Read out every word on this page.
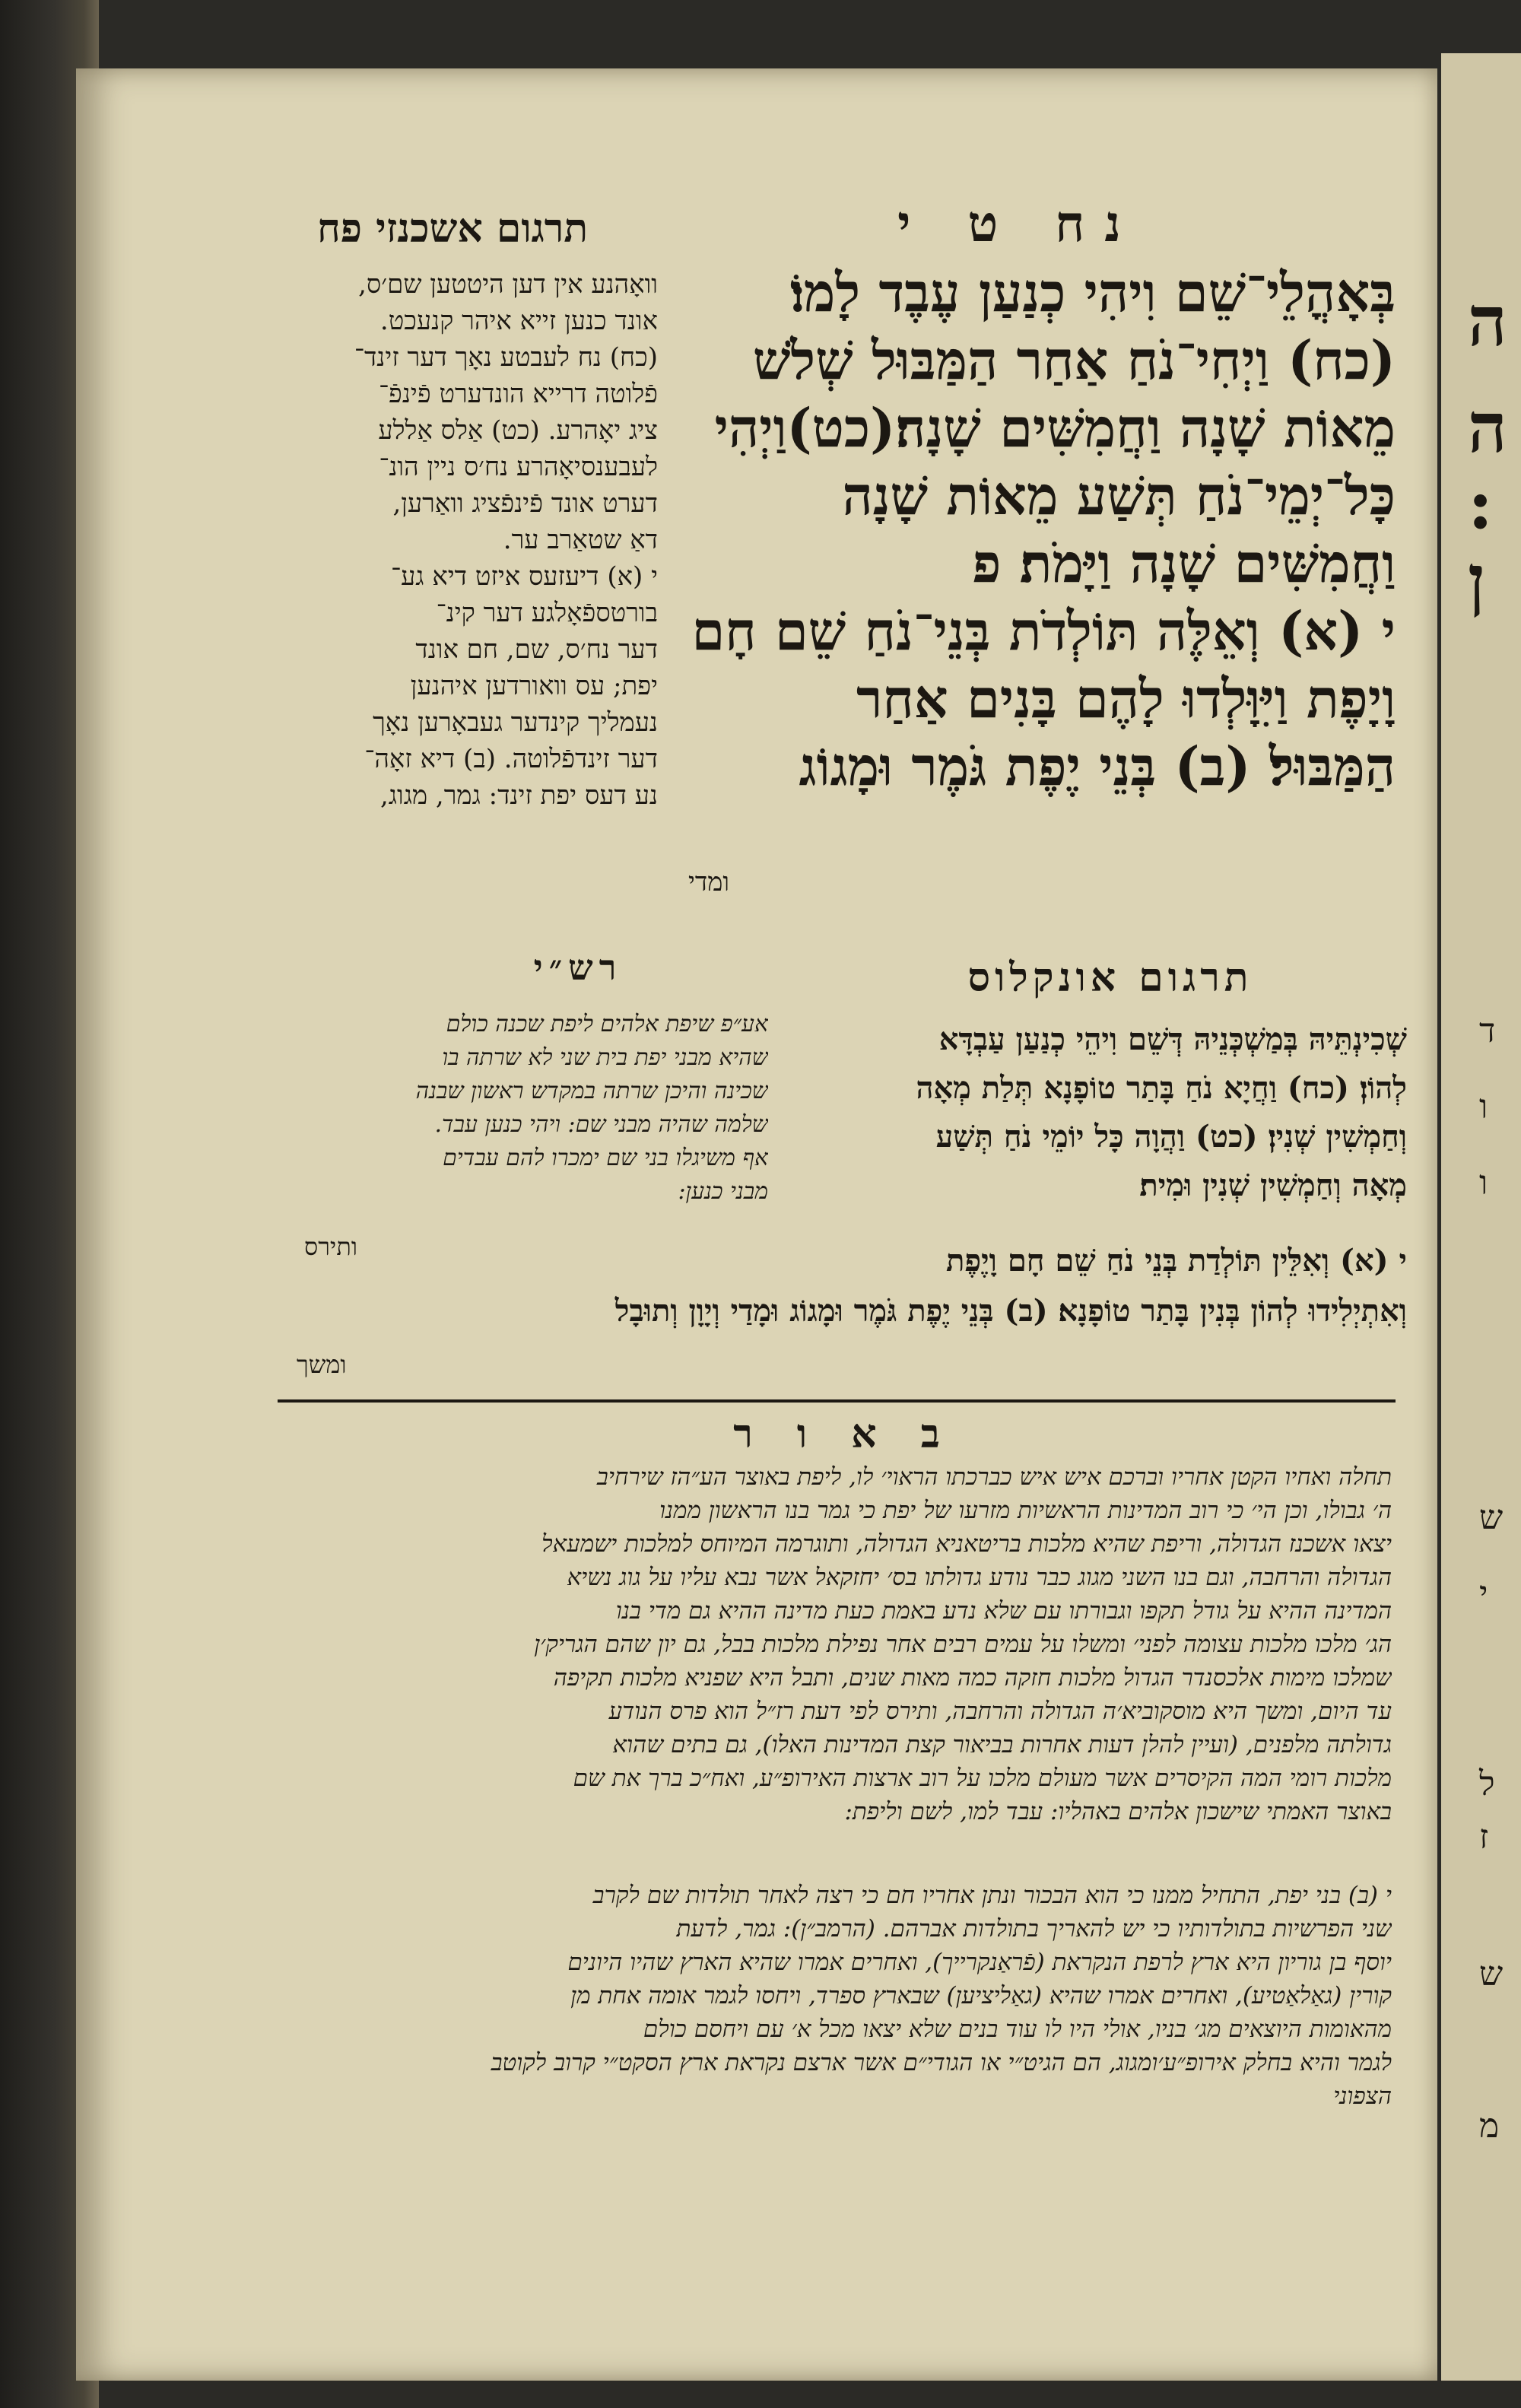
ה
ה
:
ן
ד
ו
ו
ש
י
ל
ז
ש
מ
נח ט י
תרגום אשכנזי פח
בְּאָהֳלֵי־שֵׁם וִיהִי כְנַעַן עֶבֶד לָמוֹ׃
(כח) וַיְחִי־נֹחַ אַחַר הַמַּבּוּל שְׁלֹשׁ
מֵאוֹת שָׁנָה וַחֲמִשִּׁים שָׁנָה׃(כט)וַיְהִי
כָּל־יְמֵי־נֹחַ תְּשַׁע מֵאוֹת שָׁנָה
וַחֲמִשִּׁים שָׁנָה וַיָּמֹת׃ פ
י (א) וְאֵלֶּה תּוֹלְדֹת בְּנֵי־נֹחַ שֵׁם חָם
וָיָפֶת וַיִּוָּלְדוּ לָהֶם בָּנִים אַחַר
הַמַּבּוּל׃ (ב) בְּנֵי יֶפֶת גֹּמֶר וּמָגוֹג
ומדי
וואָהנע אין דען היטטען שם׳ס,
אונד כנען זייא איהר קנעכט.
(כח) נח לעבטע נאָך דער זינד־
פֿלוטה דרייא הונדערט פֿינפֿ־
ציג יאָהרע. (כט) אַלס אַללע
לעבענסיאָהרע נח׳ס ניין הונ־
דערט אונד פֿינפֿציג וואַרען,
דאַ שטאַרב ער.
י (א) דיעזעס איזט דיא גע־
בורטספֿאָלגע דער קינ־
דער נח׳ס, שם, חם אונד
יפת; עס וואורדען איהנען
נעמליך קינדער געבאָרען נאָך
דער זינדפֿלוטה. (ב) דיא זאָה־
נע דעס יפת זינד: גמר, מגוג,
רש״י
אע״פ שיפת אלהים ליפת שכנה כולם
שהיא מבני יפת בית שני לא שרתה בו
שכינה והיכן שרתה במקדש ראשון שבנה
שלמה שהיה מבני שם: ויהי כנען עבד.
אף משיגלו בני שם ימכרו להם עבדים
מבני כנען:
ותירס
תרגום אונקלוס
שְׁכִינְתֵּיהּ בְּמַשְׁכְּנֵיהּ דְּשֵׁם וִיהֵי כְנַעַן עַבְדָּא
לְהוֹן׃ (כח) וַחֲיָא נֹחַ בָּתַר טוֹפָנָא תְּלַת מְאָה
וְחַמְשִׁין שְׁנִין׃ (כט) וַהֲוָה כָּל יוֹמֵי נֹחַ תְּשַׁע
מְאָה וְחַמְשִׁין שְׁנִין וּמִית׃
י (א) וְאִלֵּין תּוֹלְדַת בְּנֵי נֹחַ שֵׁם חָם וָיֶפֶת
וְאִתְיְלִידוּ לְהוֹן בְּנִין בָּתַר טוֹפָנָא׃ (ב) בְּנֵי יֶפֶת גֹּמֶר וּמָגוֹג וּמָדַי וְיָוָן וְתוּבָל
ומשך
ב א ו ר
תחלה ואחיו הקטן אחריו וברכם איש איש כברכתו הראוי׳ לו, ליפת באוצר הע״הז שירחיב
ה׳ גבולו, וכן הי׳ כי רוב המדינות הראשיות מזרעו של יפת כי גמר בנו הראשון ממנו
יצאו אשכנז הגדולה, וריפת שהיא מלכות בריטאניא הגדולה, ותוגרמה המיוחס למלכות ישמעאל
הגדולה והרחבה, וגם בנו השני מגוג כבר נודע גדולתו בס׳ יחזקאל אשר נבא עליו על גוג נשיא
המדינה ההיא על גודל תקפו וגבורתו עם שלא נדע באמת כעת מדינה ההיא גם מדי בנו
הג׳ מלכו מלכות עצומה לפני׳ ומשלו על עמים רבים אחר נפילת מלכות בבל, גם יון שהם הגריק׳ן
שמלכו מימות אלכסנדר הגדול מלכות חזקה כמה מאות שנים, ותבל היא שפניא מלכות תקיפה
עד היום, ומשך היא מוסקוביא׳ה הגדולה והרחבה, ותירס לפי דעת רז״ל הוא פרס הנודע
גדולתה מלפנים, (ועיין להלן דעות אחרות בביאור קצת המדינות האלו), גם בתים שהוא
מלכות רומי המה הקיסרים אשר מעולם מלכו על רוב ארצות האירופ״ע, ואח״כ ברך את שם
באוצר האמתי שישכון אלהים באהליו: עבד למו, לשם וליפת:
י (ב) בני יפת, התחיל ממנו כי הוא הבכור ונתן אחריו חם כי רצה לאחר תולדות שם לקרב
שני הפרשיות בתולדותיו כי יש להאריך בתולדות אברהם. (הרמב״ן): גמר, לדעת
יוסף בן גוריון היא ארץ לרפת הנקראת (פֿראַנקרייך), ואחרים אמרו שהיא הארץ שהיו היונים
קורין (גאַלאַטיע), ואחרים אמרו שהיא (גאַליציען) שבארץ ספרד, ויחסו לגמר אומה אחת מן
מהאומות היוצאים מג׳ בניו, אולי היו לו עוד בנים שלא יצאו מכל א׳ עם ויחסם כולם
לגמר והיא בחלק אירופ״ע׳ומגוג, הם הגיט״י או הגודי״ם אשר ארצם נקראת ארץ הסקט״י קרוב לקוטב
הצפוני
